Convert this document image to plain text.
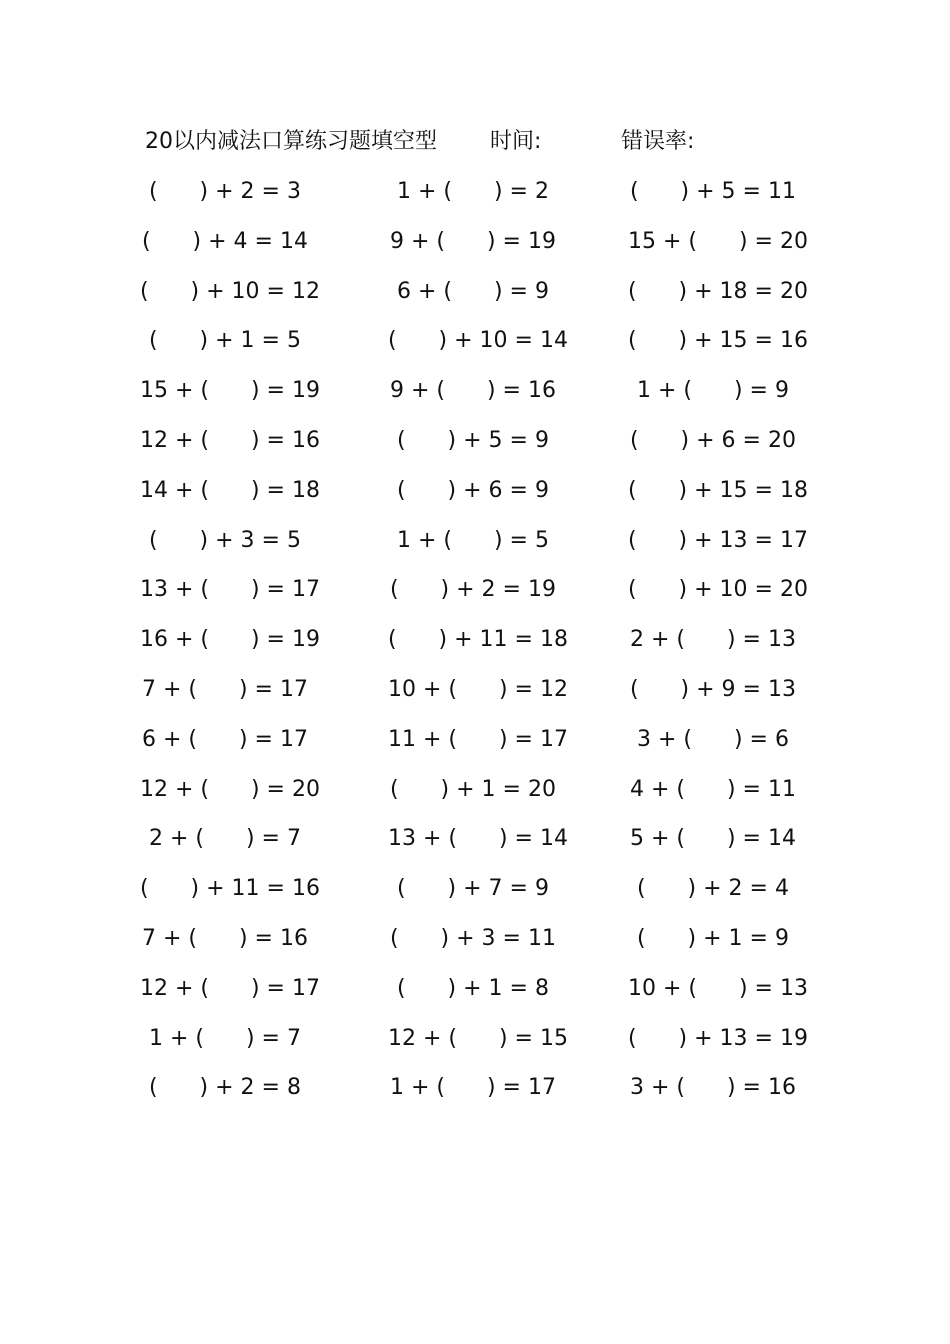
20以内减法口算练习题填空型 时间:	错误率:
(      ) + 2 = 3	1 + (      ) = 2	(      ) + 5 = 11
(      ) + 4 = 14	9 + (      ) = 19	15 + (      ) = 20
(      ) + 10 = 12	6 + (      ) = 9	(      ) + 18 = 20
(      ) + 1 = 5	(      ) + 10 = 14	(      ) + 15 = 16
15 + (      ) = 19	9 + (      ) = 16	1 + (      ) = 9
12 + (      ) = 16	(      ) + 5 = 9	(      ) + 6 = 20
14 + (      ) = 18	(      ) + 6 = 9	(      ) + 15 = 18
(      ) + 3 = 5	1 + (      ) = 5	(      ) + 13 = 17
13 + (      ) = 17	(      ) + 2 = 19	(      ) + 10 = 20
16 + (      ) = 19	(      ) + 11 = 18	2 + (      ) = 13
7 + (      ) = 17	10 + (      ) = 12	(      ) + 9 = 13
6 + (      ) = 17	11 + (      ) = 17	3 + (      ) = 6
12 + (      ) = 20	(      ) + 1 = 20	4 + (      ) = 11
2 + (      ) = 7	13 + (      ) = 14	5 + (      ) = 14
(      ) + 11 = 16	(      ) + 7 = 9	(      ) + 2 = 4
7 + (      ) = 16	(      ) + 3 = 11	(      ) + 1 = 9
12 + (      ) = 17	(      ) + 1 = 8	10 + (      ) = 13
1 + (      ) = 7	12 + (      ) = 15	(      ) + 13 = 19
(      ) + 2 = 8	1 + (      ) = 17	3 + (      ) = 16
